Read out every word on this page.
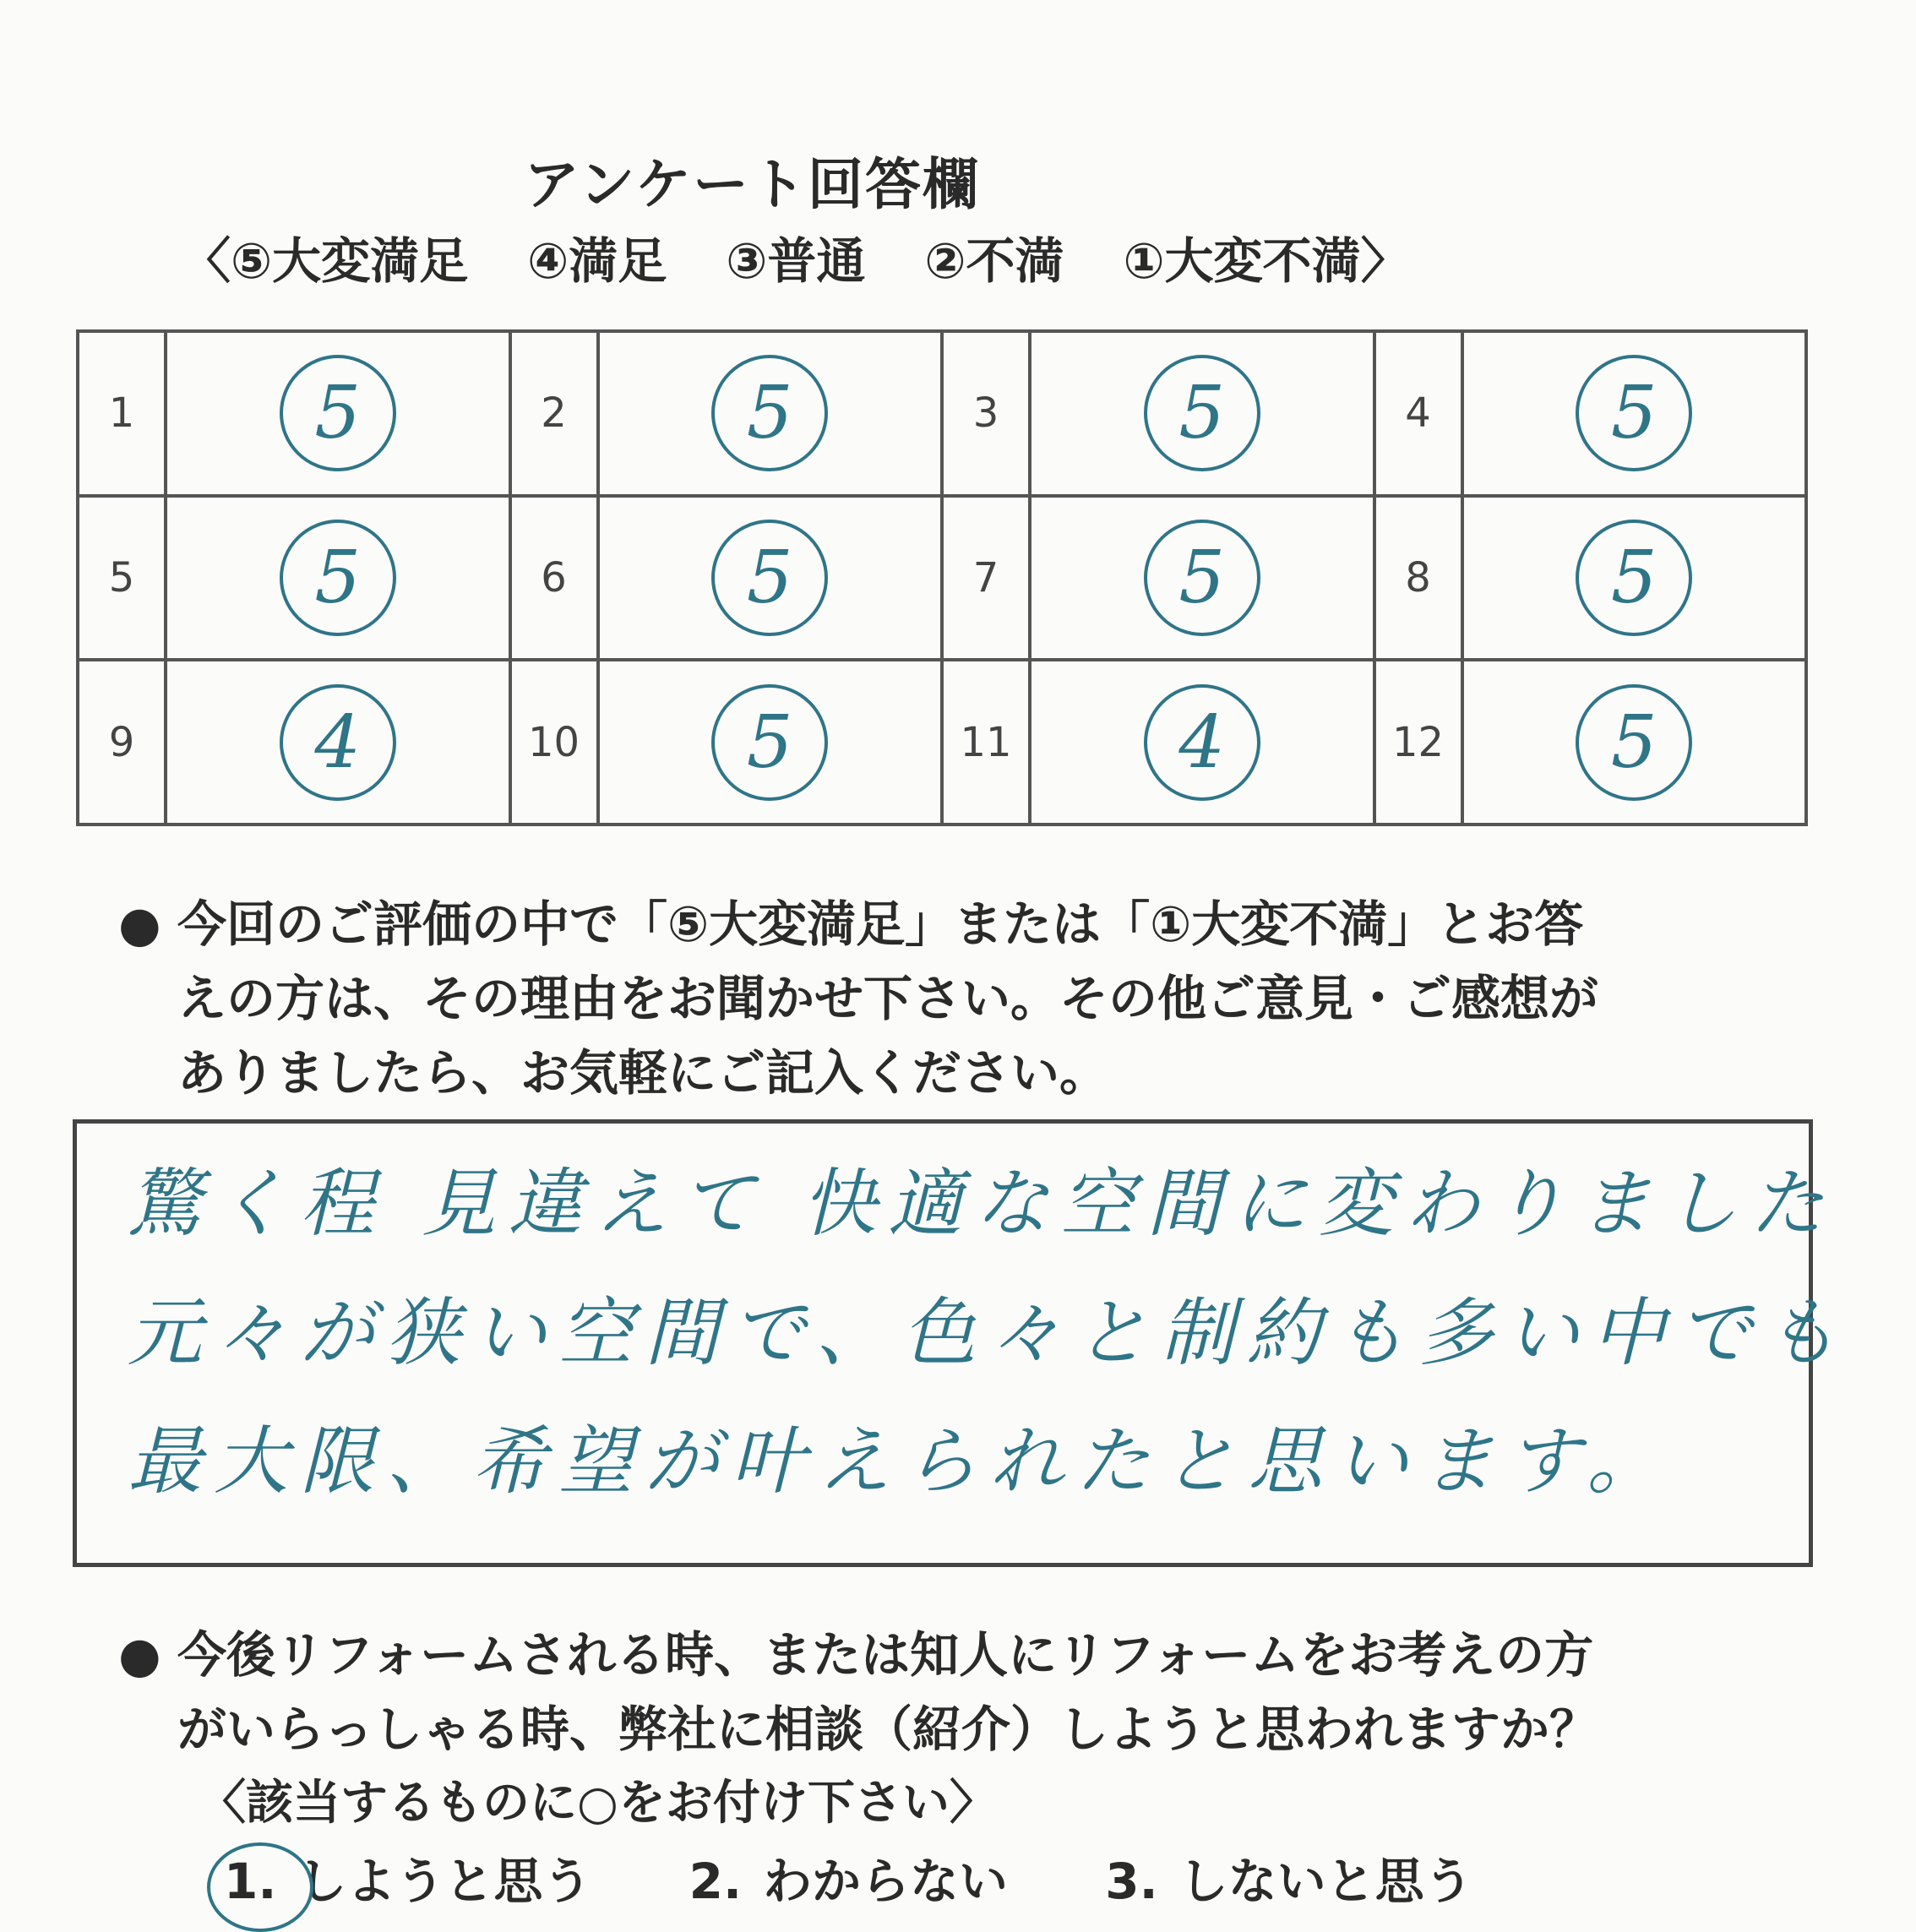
アンケート回答欄
〈⑤大変満足 ④満足 ③普通 ②不満 ①大変不満〉
1	5	2	5	3	5	4	5
5	5	6	5	7	5	8	5
9	4	10	5	11	4	12	5
● 今回のご評価の中で「⑤大変満足」または「①大変不満」とお答
えの方は、その理由をお聞かせ下さい。その他ご意見・ご感想が
ありましたら、お気軽にご記入ください。
驚く程 見違えて 快適な空間に変わりました
元々が狭い空間で、色々と制約も多い中でも
最大限、希望が叶えられたと思います。
● 今後リフォームされる時、または知人にリフォームをお考えの方
がいらっしゃる時、弊社に相談（紹介）しようと思われますか？
〈該当するものに○をお付け下さい〉
1. しようと思う 2. わからない 3. しないと思う
